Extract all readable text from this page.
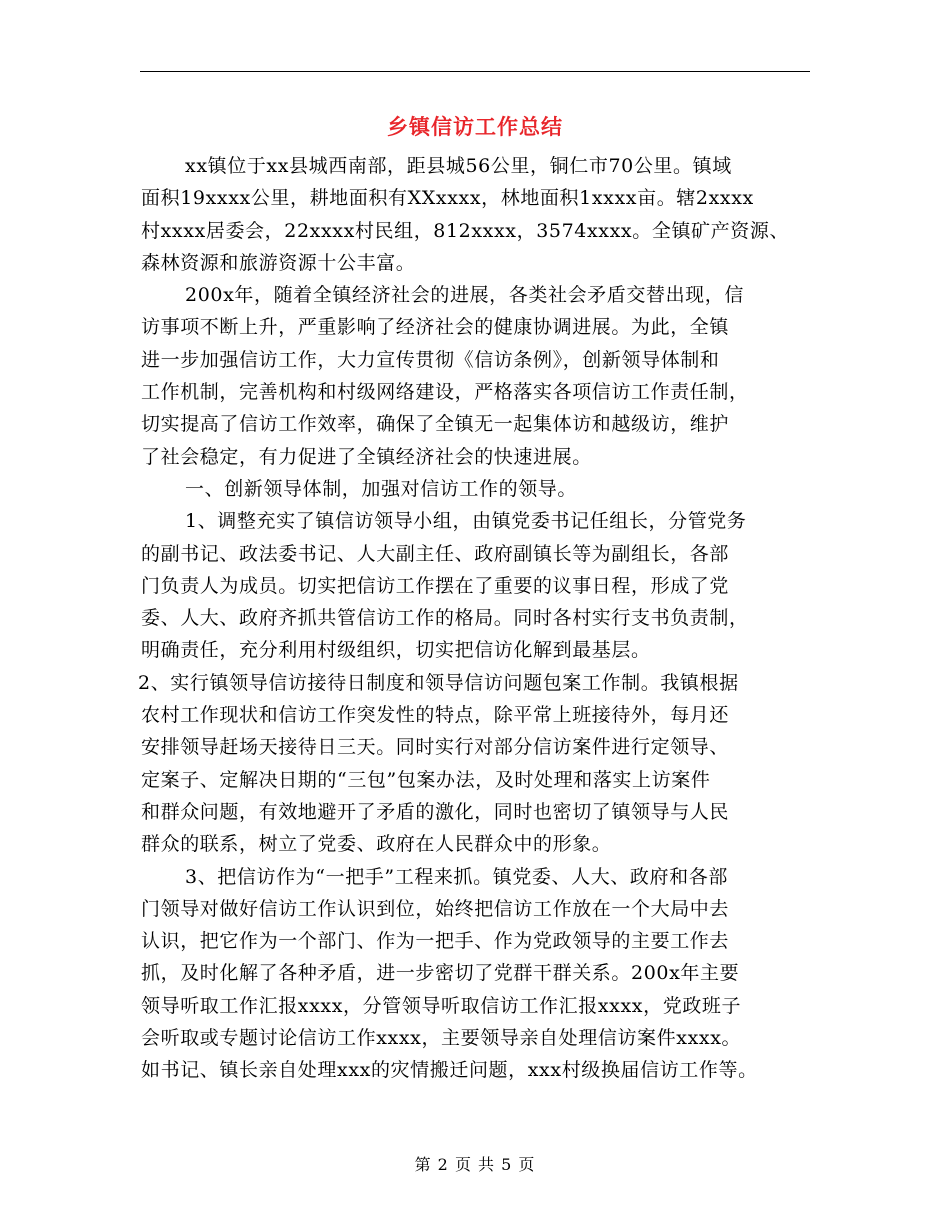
乡镇信访工作总结
xx镇位于xx县城西南部，距县城56公里，铜仁市70公里。镇域
面积19xxxx公里，耕地面积有XXxxxx，林地面积1xxxx亩。辖2xxxx
村xxxx居委会，22xxxx村民组，812xxxx，3574xxxx。全镇矿产资源、
森林资源和旅游资源十公丰富。
200x年，随着全镇经济社会的进展，各类社会矛盾交替出现，信
访事项不断上升，严重影响了经济社会的健康协调进展。为此，全镇
进一步加强信访工作，大力宣传贯彻《信访条例》，创新领导体制和
工作机制，完善机构和村级网络建设，严格落实各项信访工作责任制，
切实提高了信访工作效率，确保了全镇无一起集体访和越级访，维护
了社会稳定，有力促进了全镇经济社会的快速进展。
一、创新领导体制，加强对信访工作的领导。
1、调整充实了镇信访领导小组，由镇党委书记任组长，分管党务
的副书记、政法委书记、人大副主任、政府副镇长等为副组长，各部
门负责人为成员。切实把信访工作摆在了重要的议事日程，形成了党
委、人大、政府齐抓共管信访工作的格局。同时各村实行支书负责制，
明确责任，充分利用村级组织，切实把信访化解到最基层。
2、实行镇领导信访接待日制度和领导信访问题包案工作制。我镇根据
农村工作现状和信访工作突发性的特点，除平常上班接待外，每月还
安排领导赶场天接待日三天。同时实行对部分信访案件进行定领导、
定案子、定解决日期的“三包”包案办法，及时处理和落实上访案件
和群众问题，有效地避开了矛盾的激化，同时也密切了镇领导与人民
群众的联系，树立了党委、政府在人民群众中的形象。
3、把信访作为“一把手”工程来抓。镇党委、人大、政府和各部
门领导对做好信访工作认识到位，始终把信访工作放在一个大局中去
认识，把它作为一个部门、作为一把手、作为党政领导的主要工作去
抓，及时化解了各种矛盾，进一步密切了党群干群关系。200x年主要
领导听取工作汇报xxxx，分管领导听取信访工作汇报xxxx，党政班子
会听取或专题讨论信访工作xxxx，主要领导亲自处理信访案件xxxx。
如书记、镇长亲自处理xxx的灾情搬迁问题，xxx村级换届信访工作等。
第 2 页 共 5 页
